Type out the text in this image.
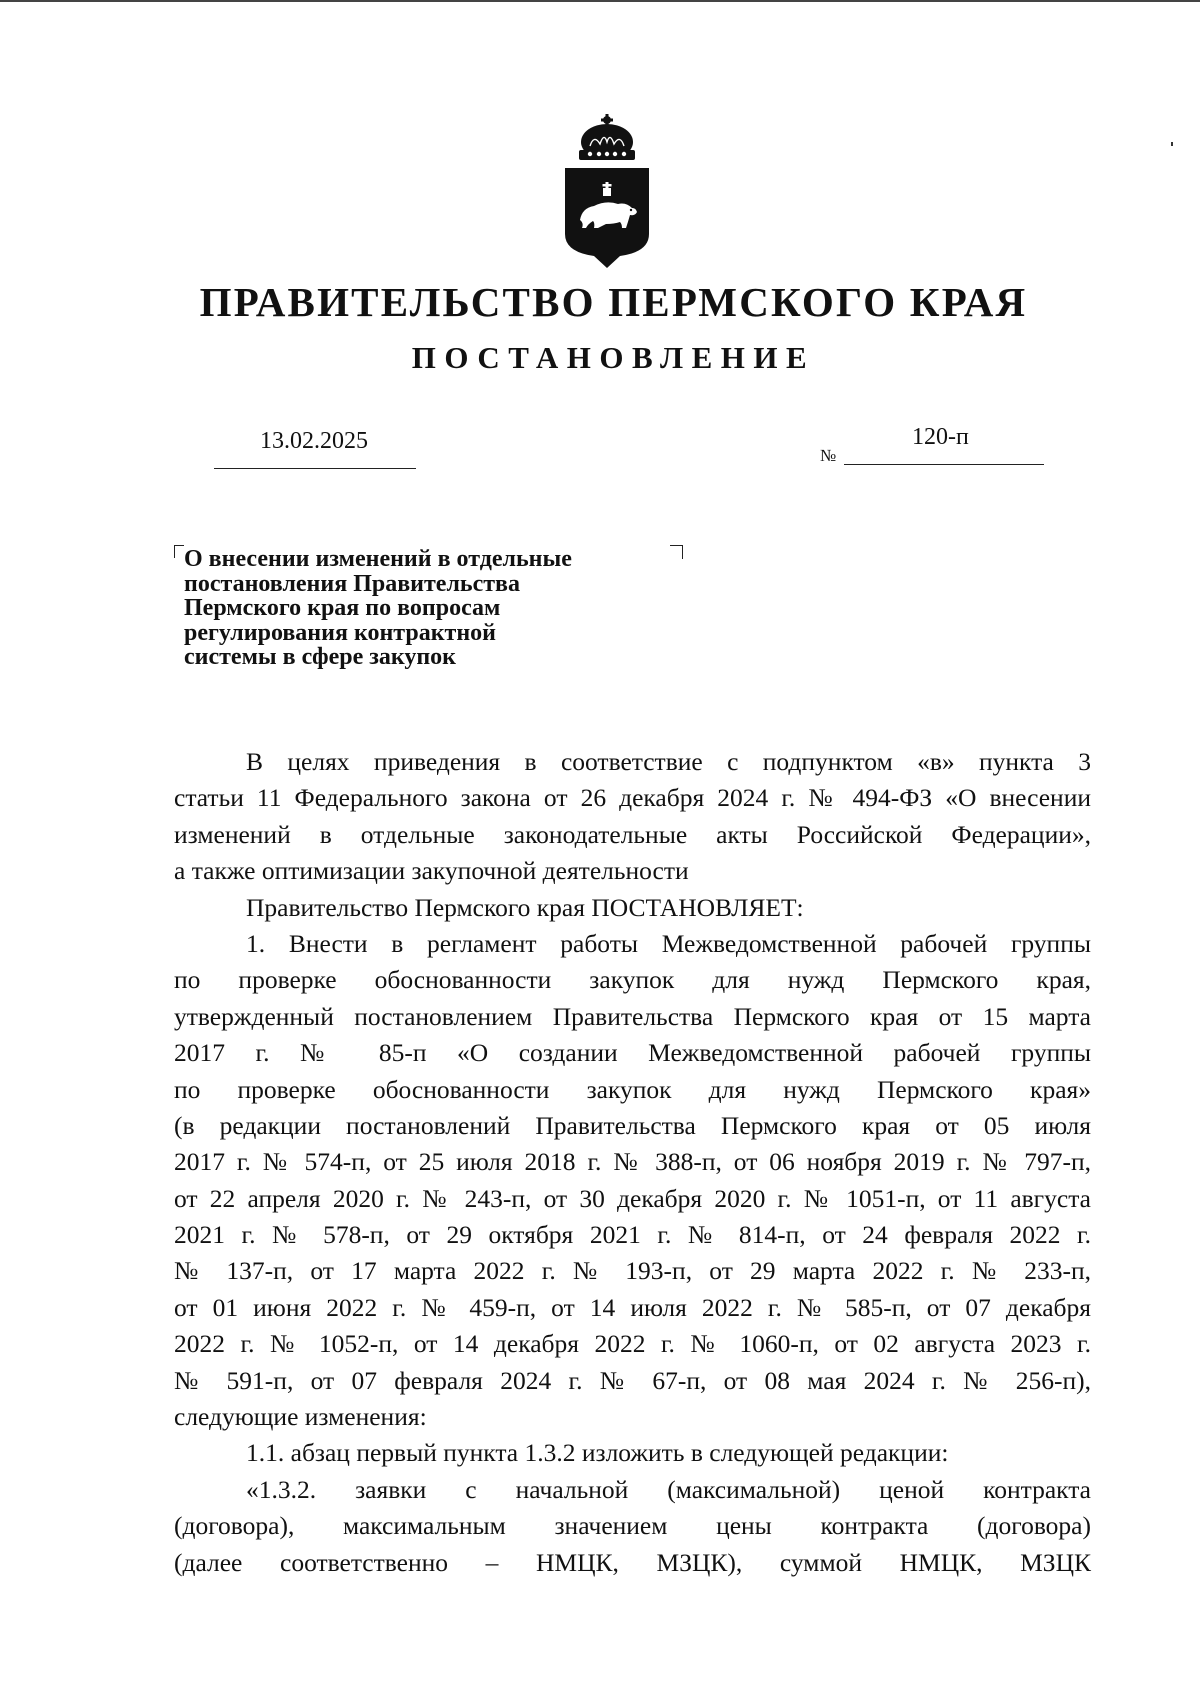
ПРАВИТЕЛЬСТВО ПЕРМСКОГО КРАЯ
ПОСТАНОВЛЕНИЕ
13.02.2025
№
120-п
О внесении изменений в отдельные
постановления Правительства
Пермского края по вопросам
регулирования контрактной
системы в сфере закупок
В целях приведения в соответствие с подпунктом «в» пункта 3
статьи 11 Федерального закона от 26 декабря 2024 г. № 494-ФЗ «О внесении
изменений в отдельные законодательные акты Российской Федерации»,
а также оптимизации закупочной деятельности
Правительство Пермского края ПОСТАНОВЛЯЕТ:
1. Внести в регламент работы Межведомственной рабочей группы
по проверке обоснованности закупок для нужд Пермского края,
утвержденный постановлением Правительства Пермского края от 15 марта
2017 г. № 85-п «О создании Межведомственной рабочей группы
по проверке обоснованности закупок для нужд Пермского края»
(в редакции постановлений Правительства Пермского края от 05 июля
2017 г. № 574-п, от 25 июля 2018 г. № 388-п, от 06 ноября 2019 г. № 797-п,
от 22 апреля 2020 г. № 243-п, от 30 декабря 2020 г. № 1051-п, от 11 августа
2021 г. № 578-п, от 29 октября 2021 г. № 814-п, от 24 февраля 2022 г.
№ 137-п, от 17 марта 2022 г. № 193-п, от 29 марта 2022 г. № 233-п,
от 01 июня 2022 г. № 459-п, от 14 июля 2022 г. № 585-п, от 07 декабря
2022 г. № 1052-п, от 14 декабря 2022 г. № 1060-п, от 02 августа 2023 г.
№ 591-п, от 07 февраля 2024 г. № 67-п, от 08 мая 2024 г. № 256-п),
следующие изменения:
1.1. абзац первый пункта 1.3.2 изложить в следующей редакции:
«1.3.2. заявки с начальной (максимальной) ценой контракта
(договора), максимальным значением цены контракта (договора)
(далее соответственно – НМЦК, МЗЦК), суммой НМЦК, МЗЦК
